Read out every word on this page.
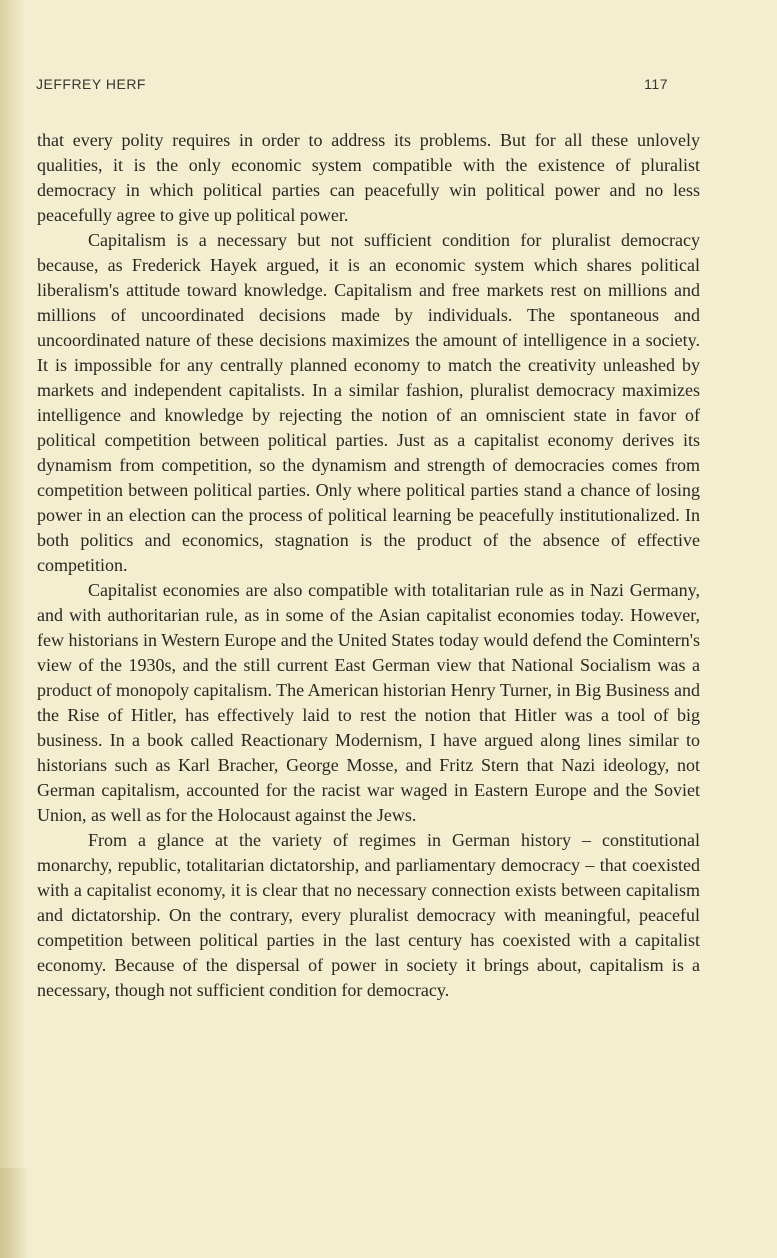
JEFFREY HERF	117

that every polity requires in order to address its problems. But for all these unlovely qualities, it is the only economic system compatible with the existence of pluralist democracy in which political parties can peacefully win political power and no less peacefully agree to give up political power.

Capitalism is a necessary but not sufficient condition for pluralist democracy because, as Frederick Hayek argued, it is an economic system which shares political liberalism's attitude toward knowledge. Capitalism and free markets rest on millions and millions of uncoordinated decisions made by individuals. The spontaneous and uncoordinated nature of these decisions maximizes the amount of intelligence in a society. It is impossible for any centrally planned economy to match the creativity unleashed by markets and independent capitalists. In a similar fashion, pluralist democracy maximizes intelligence and knowledge by rejecting the notion of an omniscient state in favor of political competition between political parties. Just as a capitalist economy derives its dynamism from competition, so the dynamism and strength of democracies comes from competition between political parties. Only where political parties stand a chance of losing power in an election can the process of political learning be peacefully institutionalized. In both politics and economics, stagnation is the product of the absence of effective competition.

Capitalist economies are also compatible with totalitarian rule as in Nazi Germany, and with authoritarian rule, as in some of the Asian capitalist economies today. However, few historians in Western Europe and the United States today would defend the Comintern's view of the 1930s, and the still current East German view that National Socialism was a product of monopoly capitalism. The American historian Henry Turner, in Big Business and the Rise of Hitler, has effectively laid to rest the notion that Hitler was a tool of big business. In a book called Reactionary Modernism, I have argued along lines similar to historians such as Karl Bracher, George Mosse, and Fritz Stern that Nazi ideology, not German capitalism, accounted for the racist war waged in Eastern Europe and the Soviet Union, as well as for the Holocaust against the Jews.

From a glance at the variety of regimes in German history – constitutional monarchy, republic, totalitarian dictatorship, and parliamentary democracy – that coexisted with a capitalist economy, it is clear that no necessary connection exists between capitalism and dictatorship. On the contrary, every pluralist democracy with meaningful, peaceful competition between political parties in the last century has coexisted with a capitalist economy. Because of the dispersal of power in society it brings about, capitalism is a necessary, though not sufficient condition for democracy.
